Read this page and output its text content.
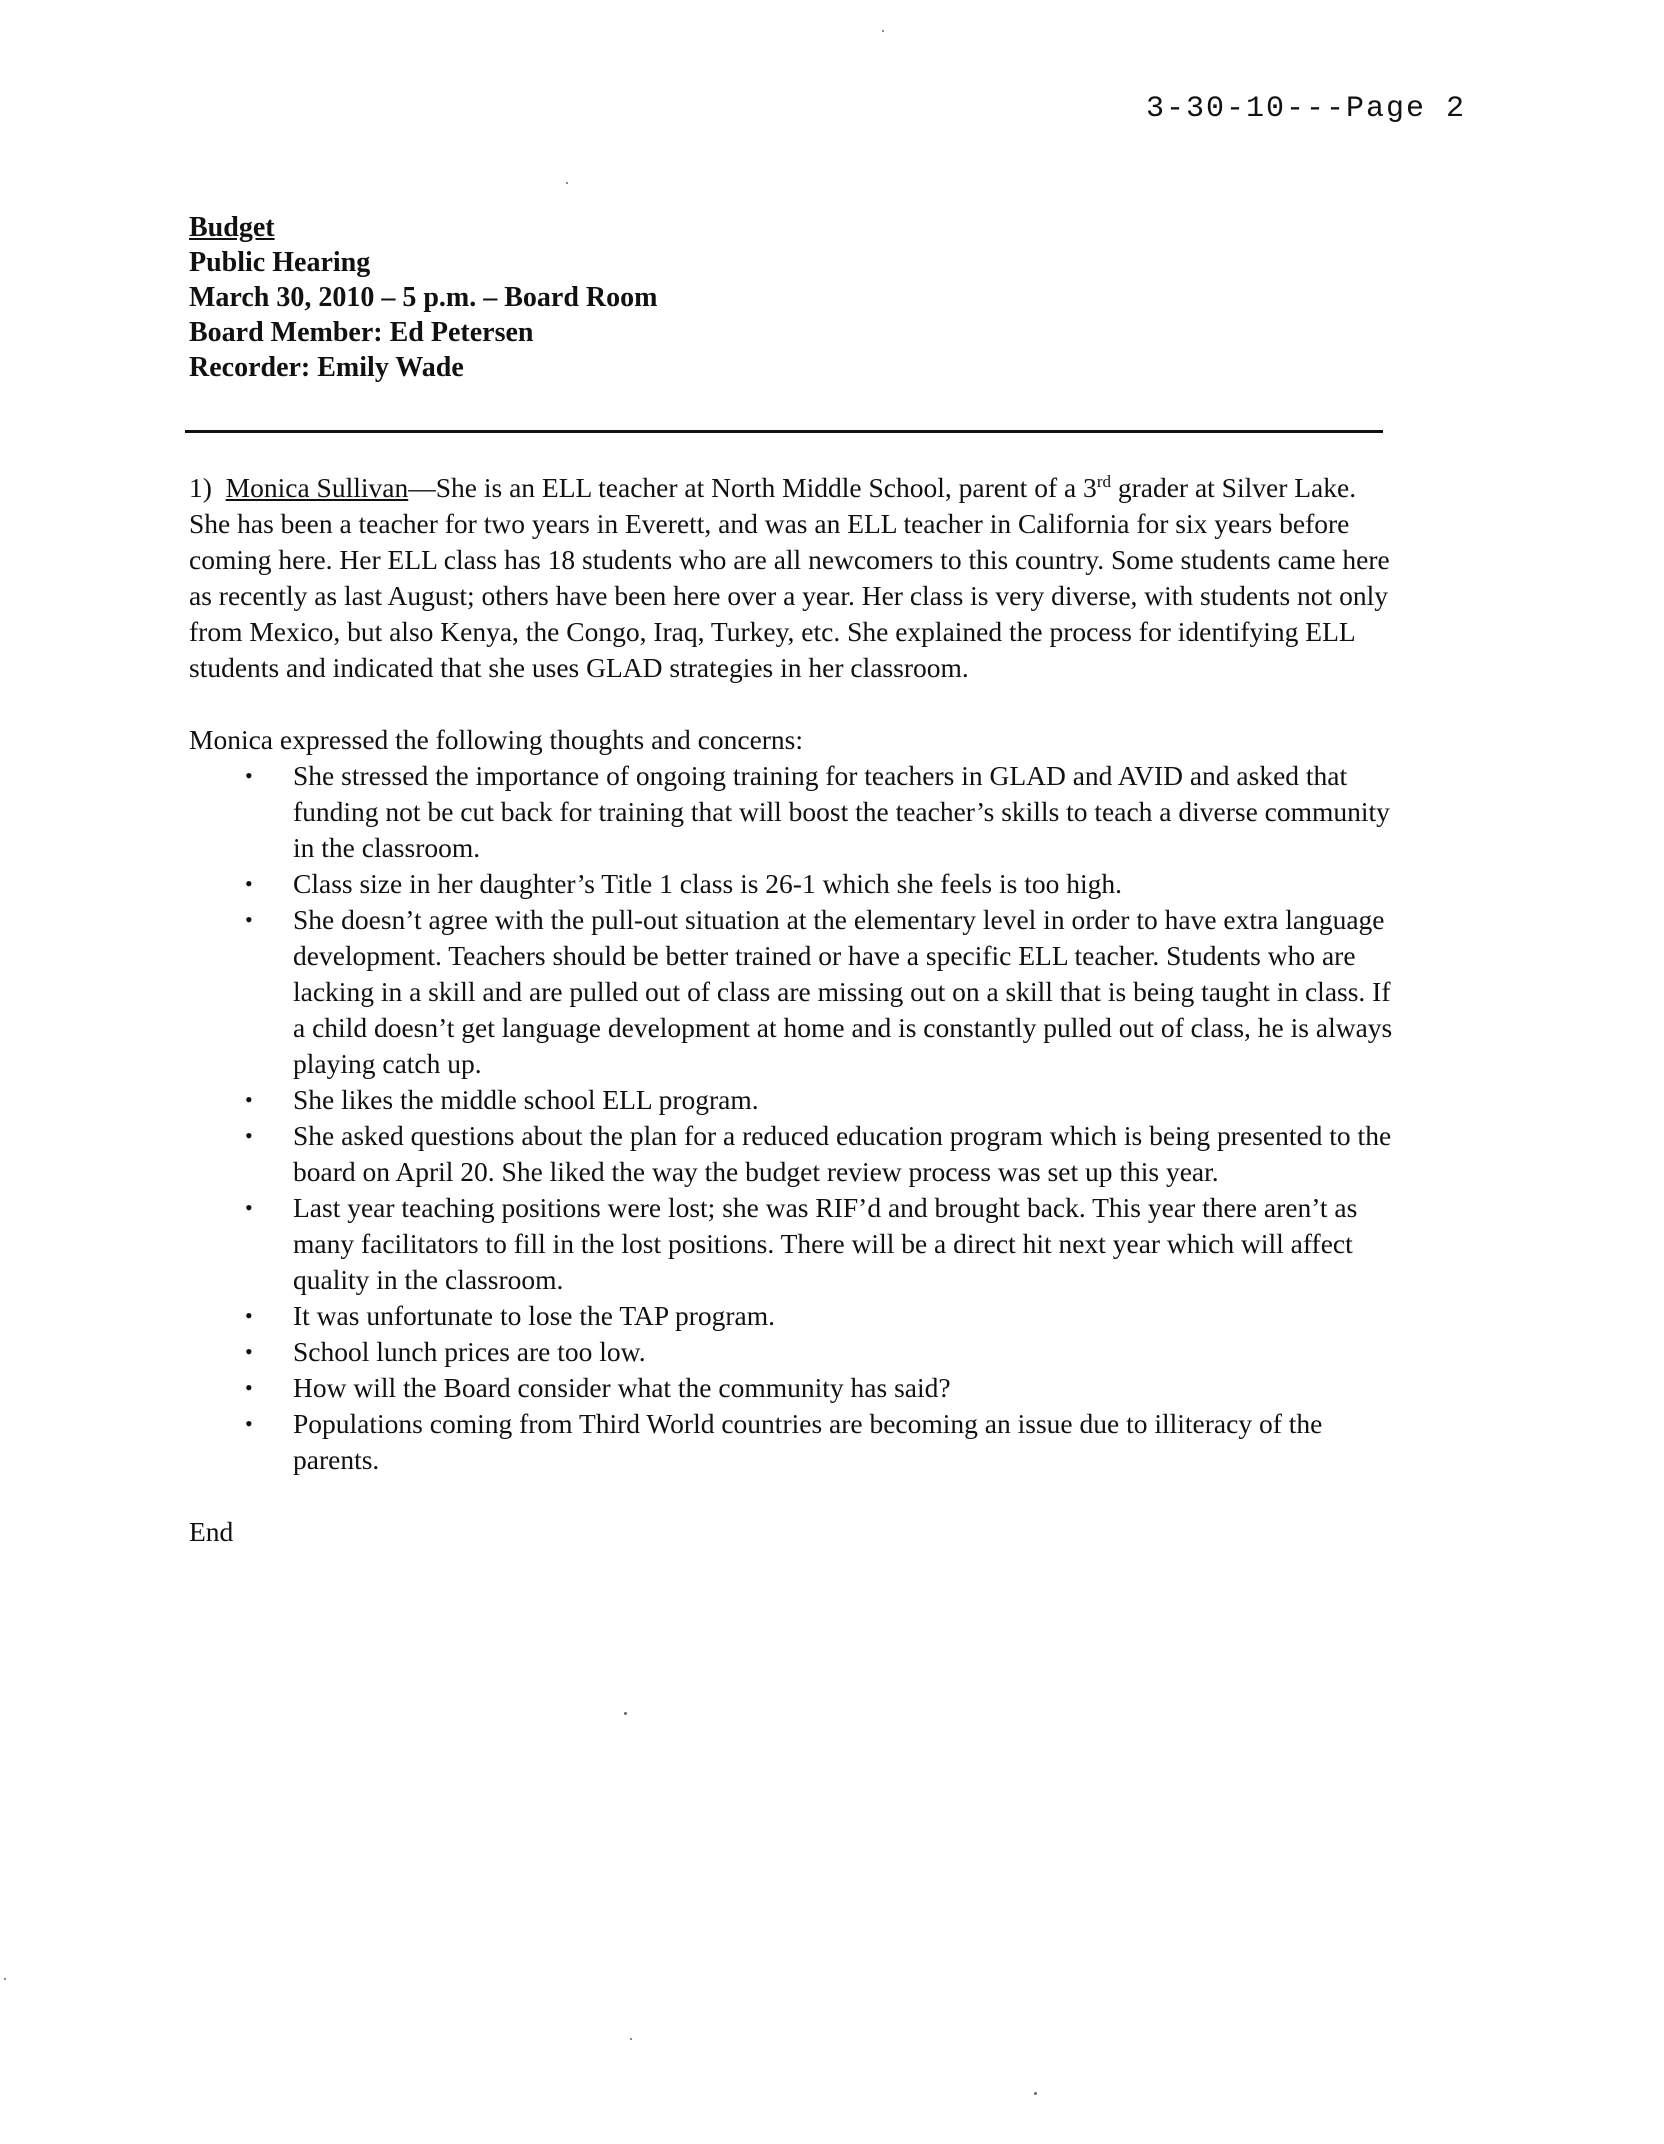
3-30-10---Page 2
Budget
Public Hearing
March 30, 2010 – 5 p.m. – Board Room
Board Member: Ed Petersen
Recorder: Emily Wade

1) Monica Sullivan—She is an ELL teacher at North Middle School, parent of a 3rd grader at Silver Lake. She has been a teacher for two years in Everett, and was an ELL teacher in California for six years before coming here. Her ELL class has 18 students who are all newcomers to this country. Some students came here as recently as last August; others have been here over a year. Her class is very diverse, with students not only from Mexico, but also Kenya, the Congo, Iraq, Turkey, etc. She explained the process for identifying ELL students and indicated that she uses GLAD strategies in her classroom.

Monica expressed the following thoughts and concerns:

• She stressed the importance of ongoing training for teachers in GLAD and AVID and asked that funding not be cut back for training that will boost the teacher’s skills to teach a diverse community in the classroom.
• Class size in her daughter’s Title 1 class is 26-1 which she feels is too high.
• She doesn’t agree with the pull-out situation at the elementary level in order to have extra language development. Teachers should be better trained or have a specific ELL teacher. Students who are lacking in a skill and are pulled out of class are missing out on a skill that is being taught in class. If a child doesn’t get language development at home and is constantly pulled out of class, he is always playing catch up.
• She likes the middle school ELL program.
• She asked questions about the plan for a reduced education program which is being presented to the board on April 20. She liked the way the budget review process was set up this year.
• Last year teaching positions were lost; she was RIF’d and brought back. This year there aren’t as many facilitators to fill in the lost positions. There will be a direct hit next year which will affect quality in the classroom.
• It was unfortunate to lose the TAP program.
• School lunch prices are too low.
• How will the Board consider what the community has said?
• Populations coming from Third World countries are becoming an issue due to illiteracy of the parents.

End
